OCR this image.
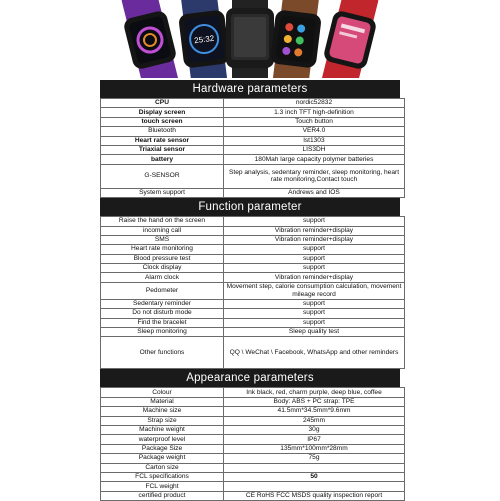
25:32
Hardware parameters
CPU	nordic52832
Display screen	1.3 inch TFT high-definition
touch screen	Touch button
Bluetooth	VER4.0
Heart rate sensor	lst1303
Triaxial sensor	LIS3DH
battery	180Mah large capacity polymer batteries
G-SENSOR	Step analysis, sedentary reminder, sleep monitoring, heart rate monitoring,Contact touch
System support	Andrews and IOS
Function parameter
Raise the hand on the screen	support
incoming call	Vibration reminder+display
SMS	Vibration reminder+display
Heart rate monitoring	support
Blood pressure test	support
Clock display	support
Alarm clock	Vibration reminder+display
Pedometer	Movement step, calorie consumption calculation, movement mileage record
Sedentary reminder	support
Do not disturb mode	support
Find the bracelet	support
Sleep monitoring	Sleep quality test
Other functions	QQ \ WeChat \ Facebook, WhatsApp and other reminders
Appearance parameters
Colour	Ink black, red, charm purple, deep blue, coffee
Material	Body: ABS + PC strap: TPE
Machine size	41.5mm*34.5mm*9.6mm
Strap size	245mm
Machine weight	30g
waterproof level	IP67
Package Size	135mm*100mm*28mm
Package weight	75g
Carton size	
FCL specifications	50
FCL weight	
certified product	CE RoHS FCC MSDS quality inspection report
